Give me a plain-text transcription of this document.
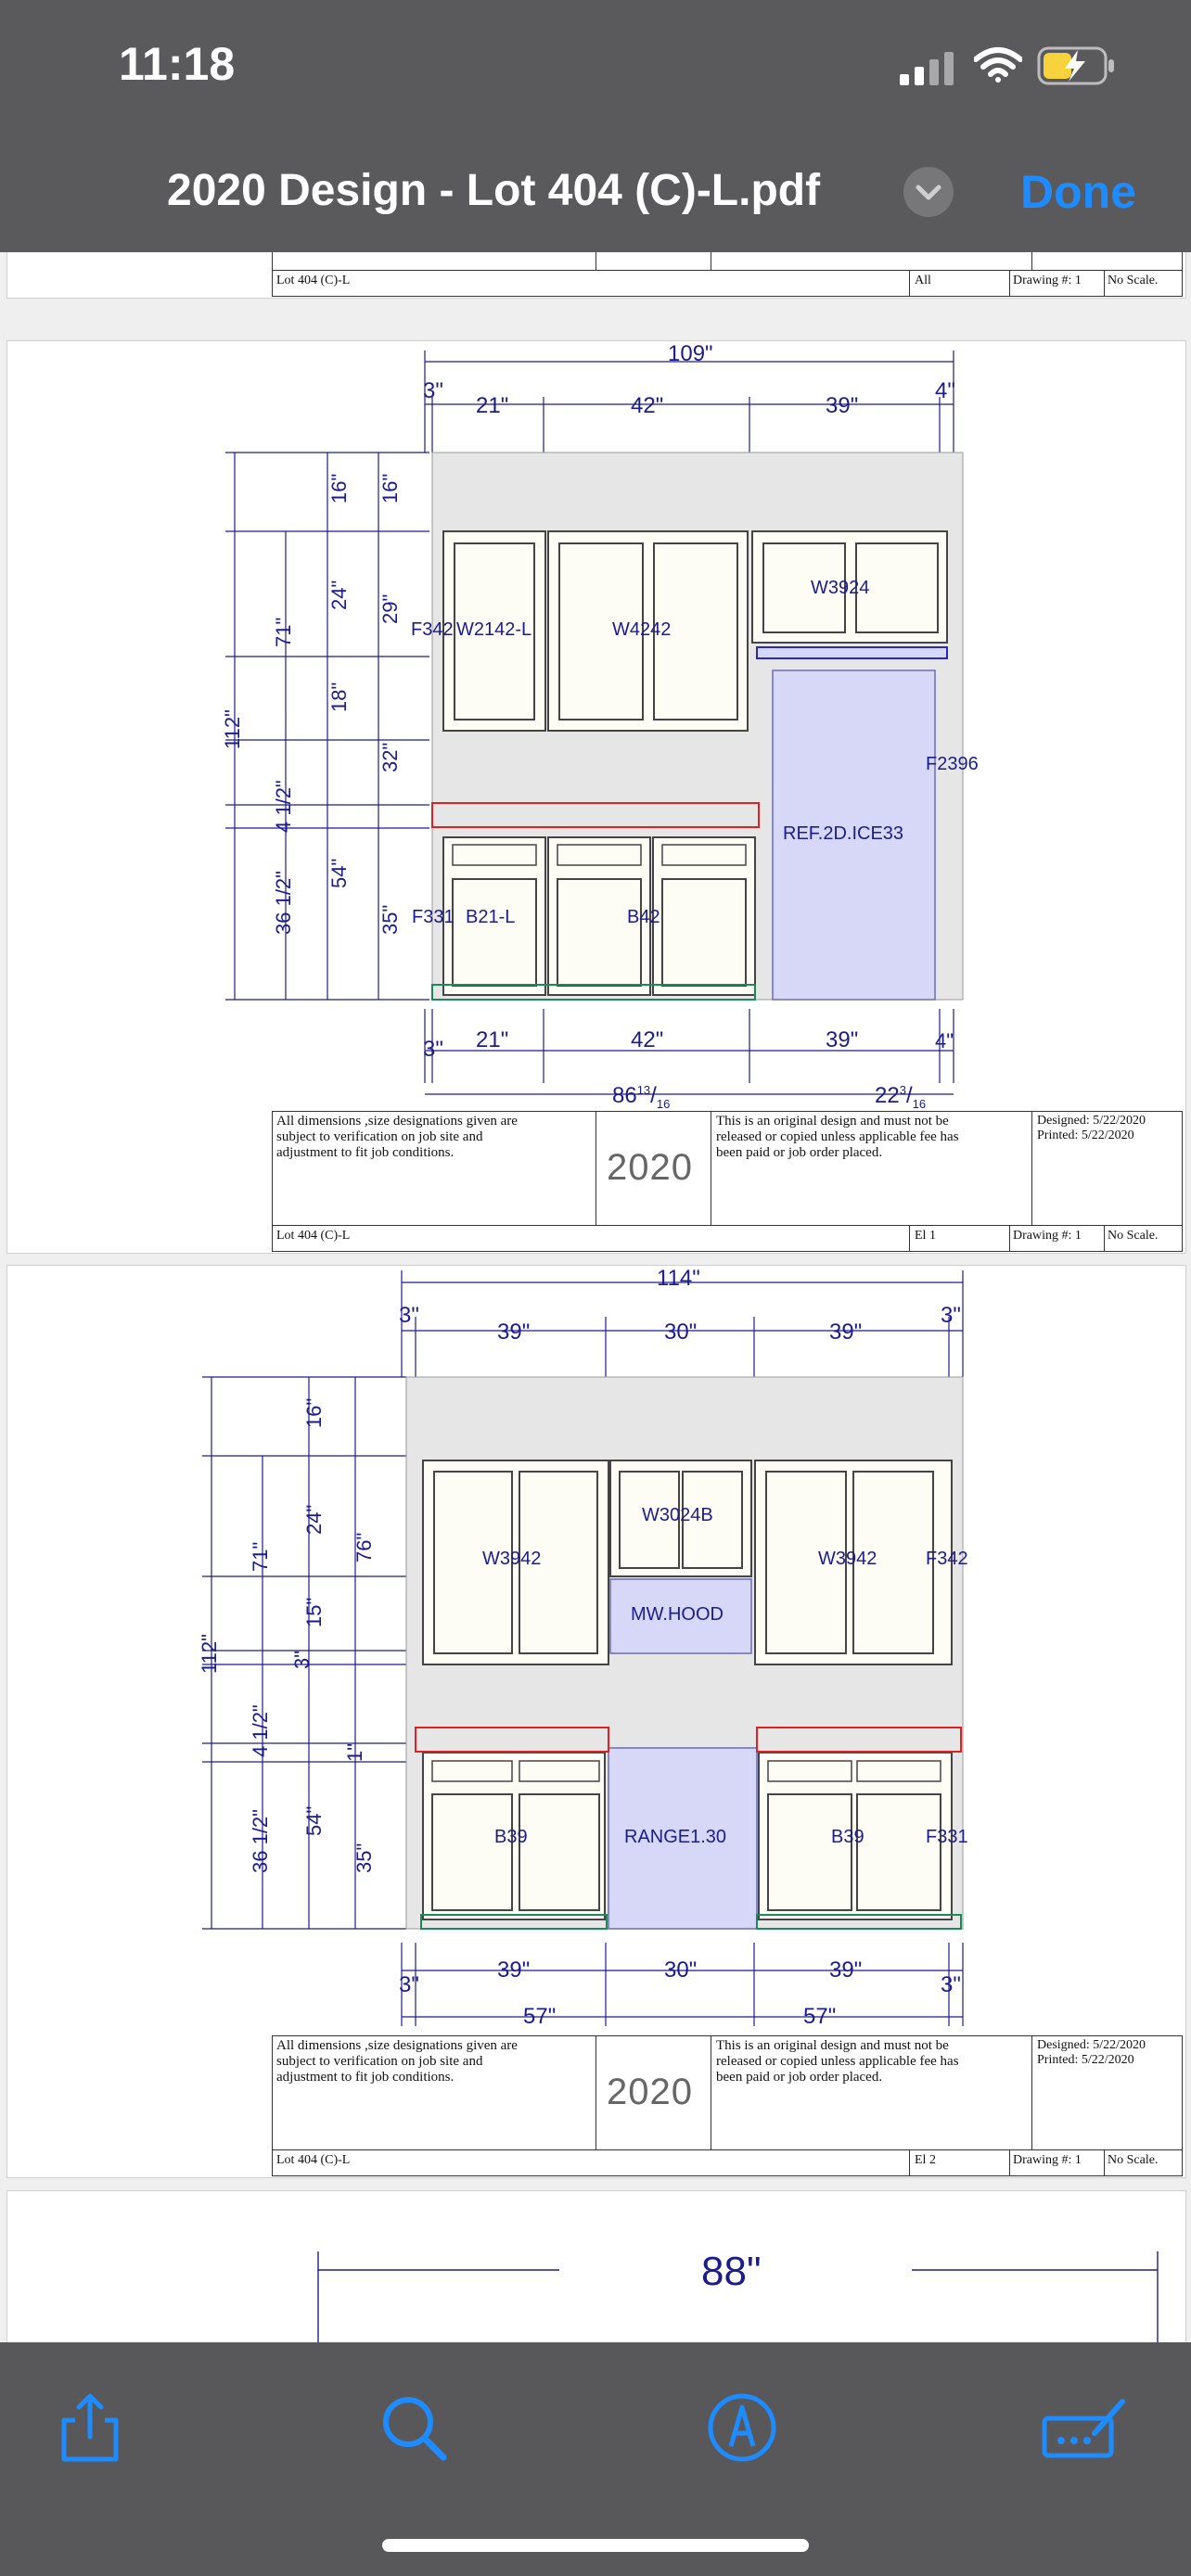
11:18
2020 Design - Lot 404 (C)-L.pdf	Done
Lot 404 (C)-L	All	Drawing #: 1 No Scale.
109"
3"
21"	42"	39"
4"
3" 21"	42"	39"	4"
$86^{13}/_{16}$	$22^3/_{16}$
112"
71"
4 1/2"
36 1/2"
16"
24"
18"
54"
16"
29"
32"
35"
F342 W2142-L	W4242
W3924
REF.2D.ICE33
F2396
F331 B21-L	B42
All dimensions ,size designations given are subject to verification on job site and adjustment to fit job conditions.	2020
This is an original design and must not be released or copied unless applicable fee has been paid or job order placed.
Designed: 5/22/2020
Printed: 5/22/2020
Lot 404 (C)-L	El 1	Drawing #: 1 No Scale.
114"
3"
39"	30"	39"
3"
3"
39"	30"	39"
3"
57"	57"
112"
71"
4 1/2"
36 1/2"
16"
24"
15"
3"
54"
76"
1"
35"
W3942
W3024B
MW.HOOD
W3942	F342
B39	RANGE1.30	B39	F331
All dimensions ,size designations given are subject to verification on job site and adjustment to fit job conditions.	2020
This is an original design and must not be released or copied unless applicable fee has been paid or job order placed.
Designed: 5/22/2020
Printed: 5/22/2020
Lot 404 (C)-L	El 2	Drawing #: 1 No Scale.
88"
